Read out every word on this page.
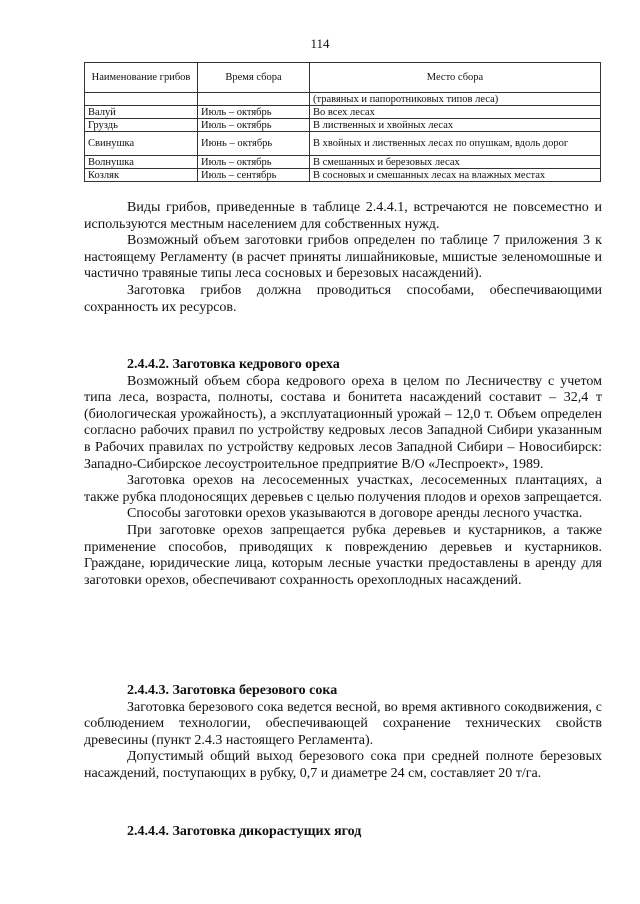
114
Наименование грибов	Время сбора	Место сбора
		(травяных и папоротниковых типов леса)
Валуй	Июль – октябрь	Во всех лесах
Груздь	Июль – октябрь	В лиственных и хвойных лесах
Свинушка	Июнь – октябрь	В хвойных и лиственных лесах по опушкам, вдоль дорог
Волнушка	Июль – октябрь	В смешанных и березовых лесах
Козляк	Июль – сентябрь	В сосновых и смешанных лесах на влажных местах

Виды грибов, приведенные в таблице 2.4.4.1, встречаются не повсеместно и используются местным населением для собственных нужд.

Возможный объем заготовки грибов определен по таблице 7 приложения 3 к настоящему Регламенту (в расчет приняты лишайниковые, мшистые зеленомошные и частично травяные типы леса сосновых и березовых насаждений).

Заготовка грибов должна проводиться способами, обеспечивающими сохранность их ресурсов.

2.4.4.2. Заготовка кедрового ореха

Возможный объем сбора кедрового ореха в целом по Лесничеству с учетом типа леса, возраста, полноты, состава и бонитета насаждений составит – 32,4 т (биологическая урожайность), а эксплуатационный урожай – 12,0 т. Объем определен согласно рабочих правил по устройству кедровых лесов Западной Сибири указанным в Рабочих правилах по устройству кедровых лесов Западной Сибири – Новосибирск: Западно-Сибирское лесоустроительное предприятие В/О «Леспроект», 1989.

Заготовка орехов на лесосеменных участках, лесосеменных плантациях, а также рубка плодоносящих деревьев с целью получения плодов и орехов запрещается.

Способы заготовки орехов указываются в договоре аренды лесного участка.

При заготовке орехов запрещается рубка деревьев и кустарников, а также применение способов, приводящих к повреждению деревьев и кустарников. Граждане, юридические лица, которым лесные участки предоставлены в аренду для заготовки орехов, обеспечивают сохранность орехоплодных насаждений.

2.4.4.3. Заготовка березового сока

Заготовка березового сока ведется весной, во время активного сокодвижения, с соблюдением технологии, обеспечивающей сохранение технических свойств древесины (пункт 2.4.3 настоящего Регламента).

Допустимый общий выход березового сока при средней полноте березовых насаждений, поступающих в рубку, 0,7 и диаметре 24 см, составляет 20 т/га.

2.4.4.4. Заготовка дикорастущих ягод
